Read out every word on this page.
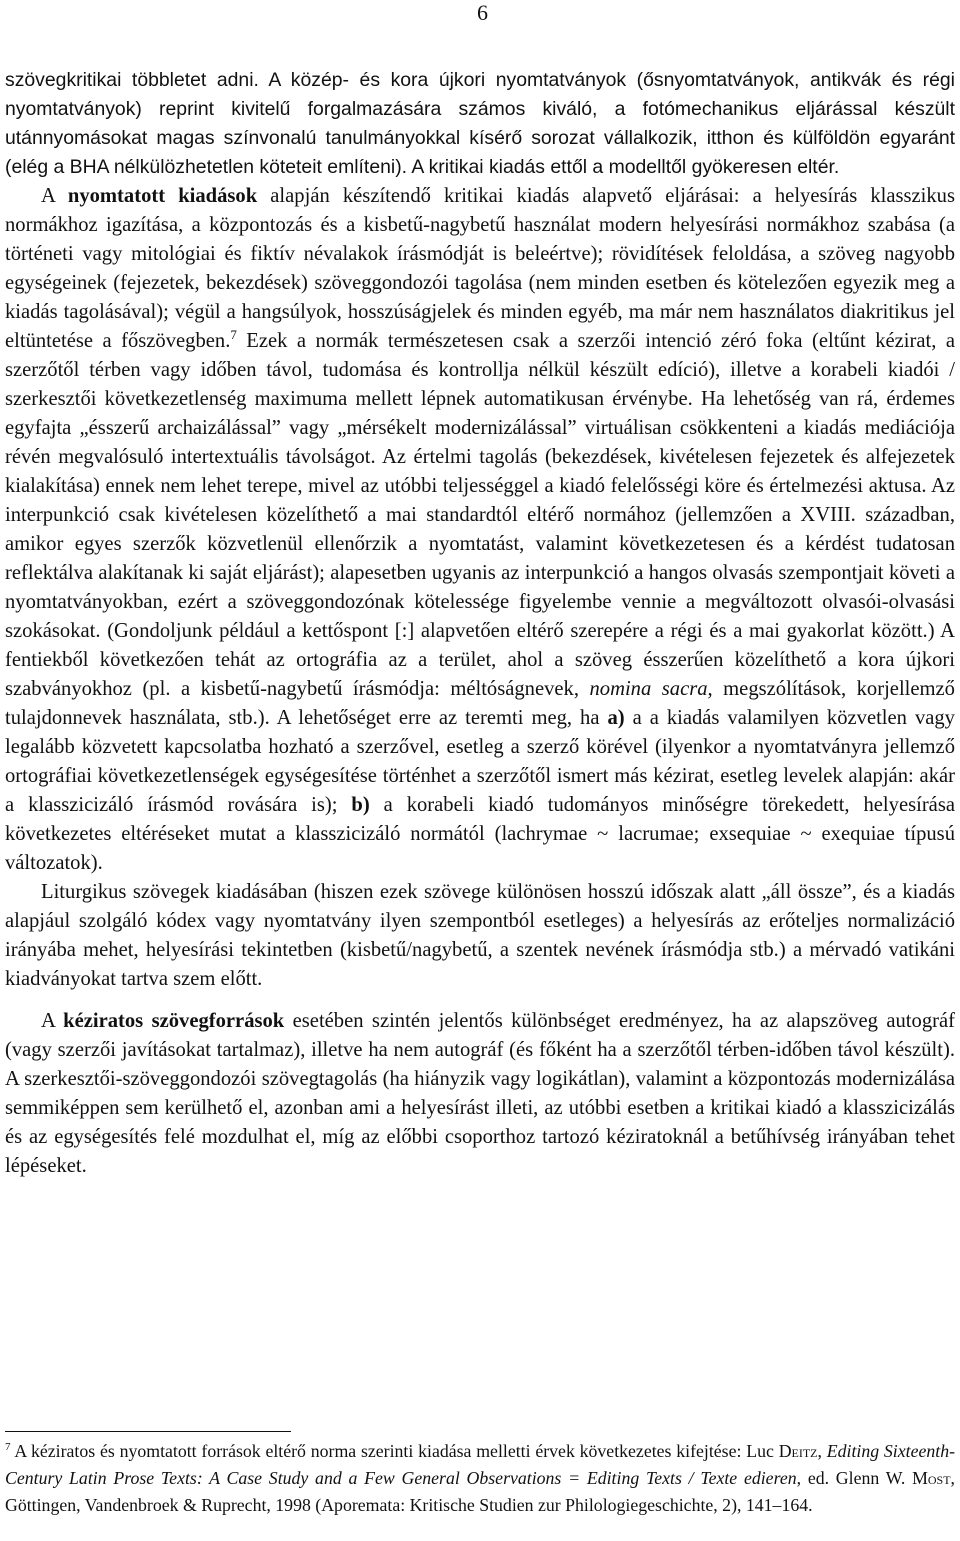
6

szövegkritikai többletet adni. A közép- és kora újkori nyomtatványok (ősnyomtatványok, antikvák és régi nyomtatványok) reprint kivitelű forgalmazására számos kiváló, a fotómechanikus eljárással készült utánnyomásokat magas színvonalú tanulmányokkal kísérő sorozat vállalkozik, itthon és külföldön egyaránt (elég a BHA nélkülözhetetlen köteteit említeni). A kritikai kiadás ettől a modelltől gyökeresen eltér.

A nyomtatott kiadások alapján készítendő kritikai kiadás alapvető eljárásai: a helyesírás klasszikus normákhoz igazítása, a központozás és a kisbetű-nagybetű használat modern helyesírási normákhoz szabása (a történeti vagy mitológiai és fiktív névalakok írásmódját is beleértve); rövidítések feloldása, a szöveg nagyobb egységeinek (fejezetek, bekezdések) szöveggondozói tagolása (nem minden esetben és kötelezően egyezik meg a kiadás tagolásával); végül a hangsúlyok, hosszúságjelek és minden egyéb, ma már nem használatos diakritikus jel eltüntetése a főszövegben.$^7$ Ezek a normák természetesen csak a szerzői intenció zéró foka (eltűnt kézirat, a szerzőtől térben vagy időben távol, tudomása és kontrollja nélkül készült edíció), illetve a korabeli kiadói / szerkesztői következetlenség maximuma mellett lépnek automatikusan érvénybe. Ha lehetőség van rá, érdemes egyfajta „ésszerű archaizálással” vagy „mérsékelt modernizálással” virtuálisan csökkenteni a kiadás mediációja révén megvalósuló intertextuális távolságot. Az értelmi tagolás (bekezdések, kivételesen fejezetek és alfejezetek kialakítása) ennek nem lehet terepe, mivel az utóbbi teljességgel a kiadó felelősségi köre és értelmezési aktusa. Az interpunkció csak kivételesen közelíthető a mai standardtól eltérő normához (jellemzően a XVIII. században, amikor egyes szerzők közvetlenül ellenőrzik a nyomtatást, valamint következetesen és a kérdést tudatosan reflektálva alakítanak ki saját eljárást); alapesetben ugyanis az interpunkció a hangos olvasás szempontjait követi a nyomtatványokban, ezért a szöveggondozónak kötelessége figyelembe vennie a megváltozott olvasói-olvasási szokásokat. (Gondoljunk például a kettőspont [:] alapvetően eltérő szerepére a régi és a mai gyakorlat között.) A fentiekből következően tehát az ortográfia az a terület, ahol a szöveg ésszerűen közelíthető a kora újkori szabványokhoz (pl. a kisbetű-nagybetű írásmódja: méltóságnevek, nomina sacra, megszólítások, korjellemző tulajdonnevek használata, stb.). A lehetőséget erre az teremti meg, ha a) a a kiadás valamilyen közvetlen vagy legalább közvetett kapcsolatba hozható a szerzővel, esetleg a szerző körével (ilyenkor a nyomtatványra jellemző ortográfiai következetlenségek egységesítése történhet a szerzőtől ismert más kézirat, esetleg levelek alapján: akár a klasszicizáló írásmód rovására is); b) a korabeli kiadó tudományos minőségre törekedett, helyesírása következetes eltéréseket mutat a klasszicizáló normától (lachrymae ~ lacrumae; exsequiae ~ exequiae típusú változatok).

Liturgikus szövegek kiadásában (hiszen ezek szövege különösen hosszú időszak alatt „áll össze”, és a kiadás alapjául szolgáló kódex vagy nyomtatvány ilyen szempontból esetleges) a helyesírás az erőteljes normalizáció irányába mehet, helyesírási tekintetben (kisbetű/nagybetű, a szentek nevének írásmódja stb.) a mérvadó vatikáni kiadványokat tartva szem előtt.

A kéziratos szövegforrások esetében szintén jelentős különbséget eredményez, ha az alapszöveg autográf (vagy szerzői javításokat tartalmaz), illetve ha nem autográf (és főként ha a szerzőtől térben-időben távol készült). A szerkesztői-szöveggondozói szövegtagolás (ha hiányzik vagy logikátlan), valamint a központozás modernizálása semmiképpen sem kerülhető el, azonban ami a helyesírást illeti, az utóbbi esetben a kritikai kiadó a klasszicizálás és az egységesítés felé mozdulhat el, míg az előbbi csoporthoz tartozó kéziratoknál a betűhívség irányában tehet lépéseket.

$^7$ A kéziratos és nyomtatott források eltérő norma szerinti kiadása melletti érvek következetes kifejtése: Luc Deitz, Editing Sixteenth-Century Latin Prose Texts: A Case Study and a Few General Observations = Editing Texts / Texte edieren, ed. Glenn W. Most, Göttingen, Vandenbroek & Ruprecht, 1998 (Aporemata: Kritische Studien zur Philologiegeschichte, 2), 141–164.
